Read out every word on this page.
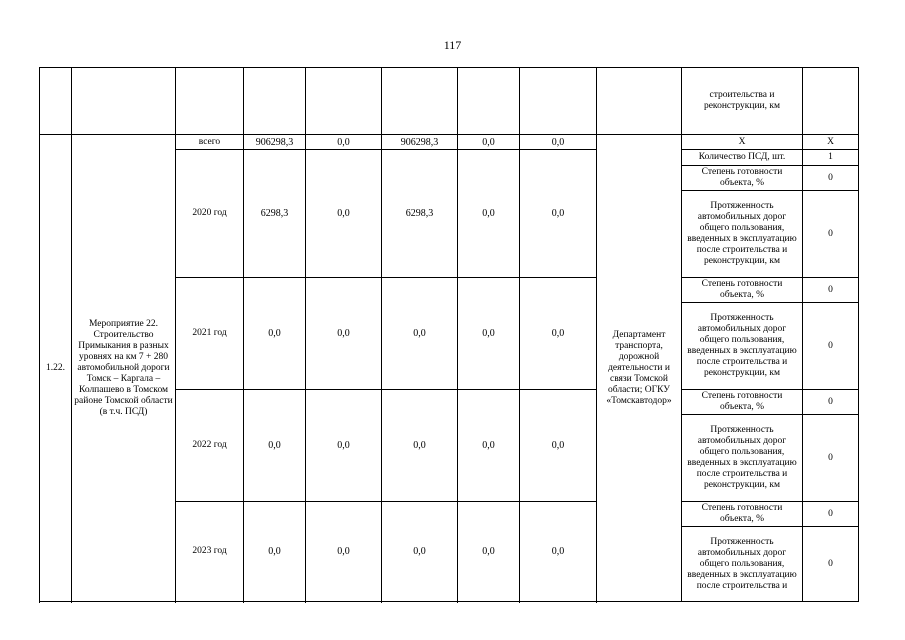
117
									строительства и реконструкции, км	
1.22.	Мероприятие 22. Строительство Примыкания в разных уровнях на км 7 + 280 автомобильной дороги Томск – Каргала – Колпашево в Томском районе Томской области (в т.ч. ПСД)	всего	906298,3	0,0	906298,3	0,0	0,0	Департамент транспорта, дорожной деятельности и связи Томской области; ОГКУ «Томскавтодор»	Х	Х
		2020 год	6298,3	0,0	6298,3	0,0	0,0		Количество ПСД, шт.	1
									Степень готовности объекта, %	0
									Протяженность автомобильных дорог общего пользования, введенных в эксплуатацию после строительства и реконструкции, км	0

		2021 год	0,0	0,0	0,0	0,0	0,0		Степень готовности объекта, %	0
									Протяженность автомобильных дорог общего пользования, введенных в эксплуатацию после строительства и реконструкции, км	0

		2022 год	0,0	0,0	0,0	0,0	0,0		Степень готовности объекта, %	0
									Протяженность автомобильных дорог общего пользования, введенных в эксплуатацию после строительства и реконструкции, км	0

		2023 год	0,0	0,0	0,0	0,0	0,0		Степень готовности объекта, %	0
									Протяженность автомобильных дорог общего пользования, введенных в эксплуатацию после строительства и	0
